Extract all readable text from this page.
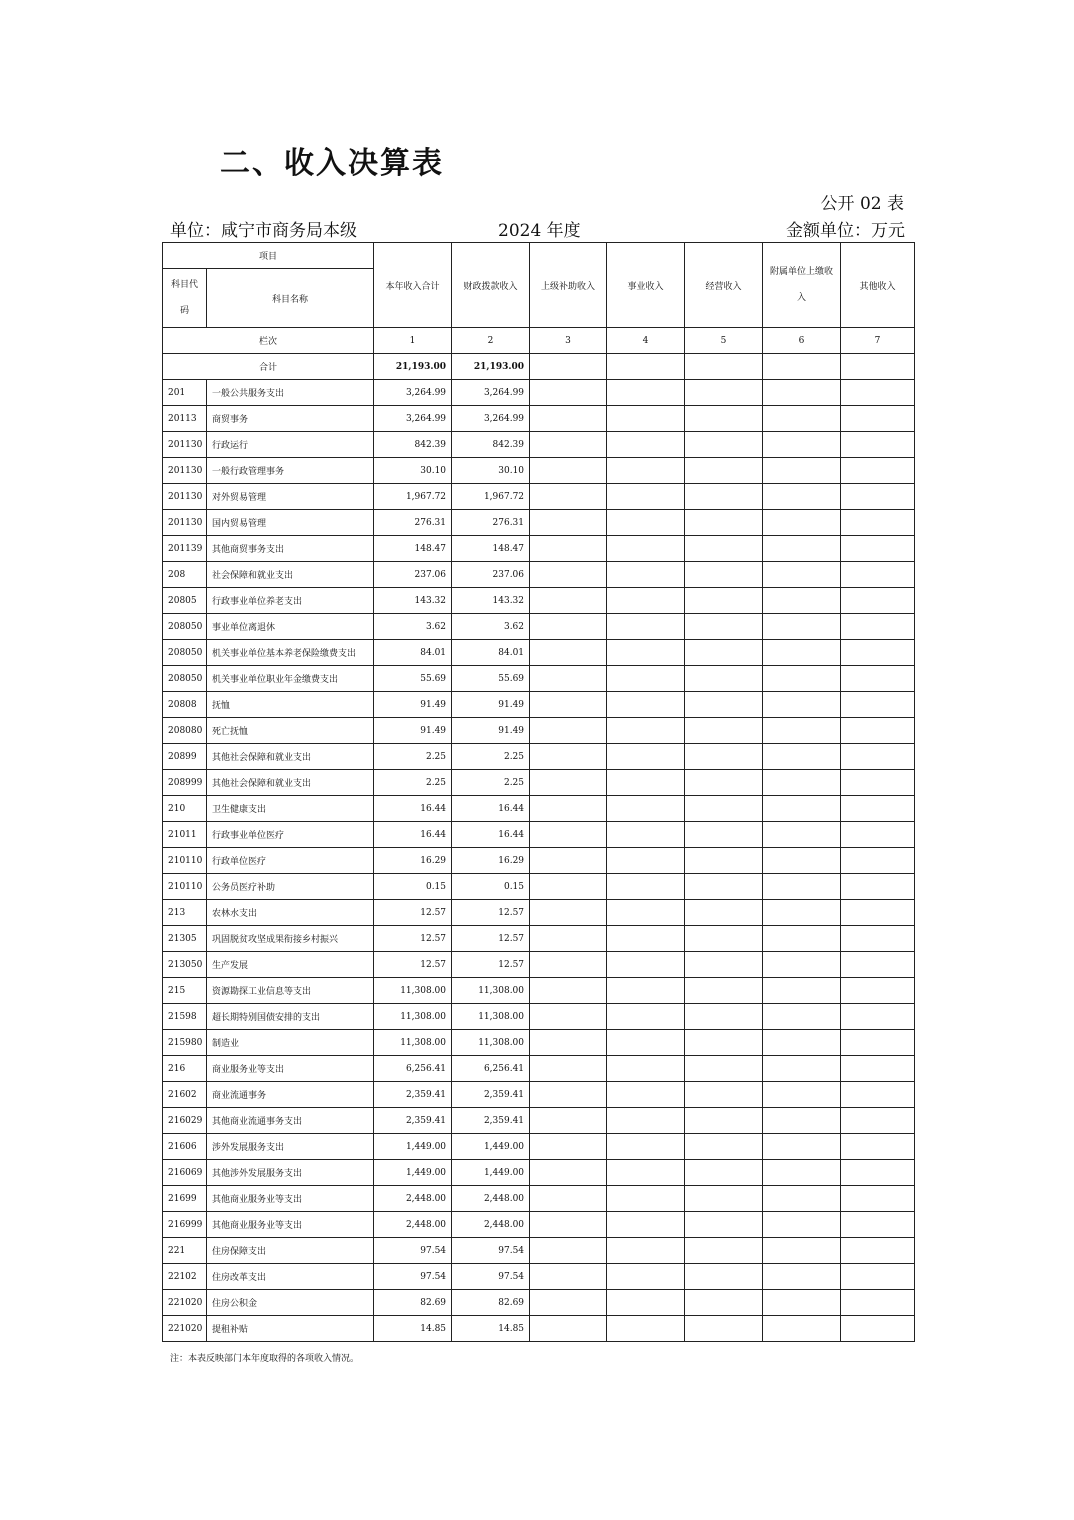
二、收入决算表
公开 02 表
单位：咸宁市商务局本级	2024 年度	金额单位：万元
项目		本年收入合计	财政拨款收入	上级补助收入	事业收入	经营收入	附属单位上缴收入	其他收入
科目代码	科目名称							
栏次		1	2	3	4	5	6	7
合计		21,193.00	21,193.00					
201	一般公共服务支出	3,264.99	3,264.99					
20113	商贸事务	3,264.99	3,264.99					
201130	行政运行	842.39	842.39					
201130	一般行政管理事务	30.10	30.10					
201130	对外贸易管理	1,967.72	1,967.72					
201130	国内贸易管理	276.31	276.31					
201139	其他商贸事务支出	148.47	148.47					
208	社会保障和就业支出	237.06	237.06					
20805	行政事业单位养老支出	143.32	143.32					
208050	事业单位离退休	3.62	3.62					
208050	机关事业单位基本养老保险缴费支出	84.01	84.01					
208050	机关事业单位职业年金缴费支出	55.69	55.69					
20808	抚恤	91.49	91.49					
208080	死亡抚恤	91.49	91.49					
20899	其他社会保障和就业支出	2.25	2.25					
208999	其他社会保障和就业支出	2.25	2.25					
210	卫生健康支出	16.44	16.44					
21011	行政事业单位医疗	16.44	16.44					
210110	行政单位医疗	16.29	16.29					
210110	公务员医疗补助	0.15	0.15					
213	农林水支出	12.57	12.57					
21305	巩固脱贫攻坚成果衔接乡村振兴	12.57	12.57					
213050	生产发展	12.57	12.57					
215	资源勘探工业信息等支出	11,308.00	11,308.00					
21598	超长期特别国债安排的支出	11,308.00	11,308.00					
215980	制造业	11,308.00	11,308.00					
216	商业服务业等支出	6,256.41	6,256.41					
21602	商业流通事务	2,359.41	2,359.41					
216029	其他商业流通事务支出	2,359.41	2,359.41					
21606	涉外发展服务支出	1,449.00	1,449.00					
216069	其他涉外发展服务支出	1,449.00	1,449.00					
21699	其他商业服务业等支出	2,448.00	2,448.00					
216999	其他商业服务业等支出	2,448.00	2,448.00					
221	住房保障支出	97.54	97.54					
22102	住房改革支出	97.54	97.54					
221020	住房公积金	82.69	82.69					
221020	提租补贴	14.85	14.85					
注：本表反映部门本年度取得的各项收入情况。
